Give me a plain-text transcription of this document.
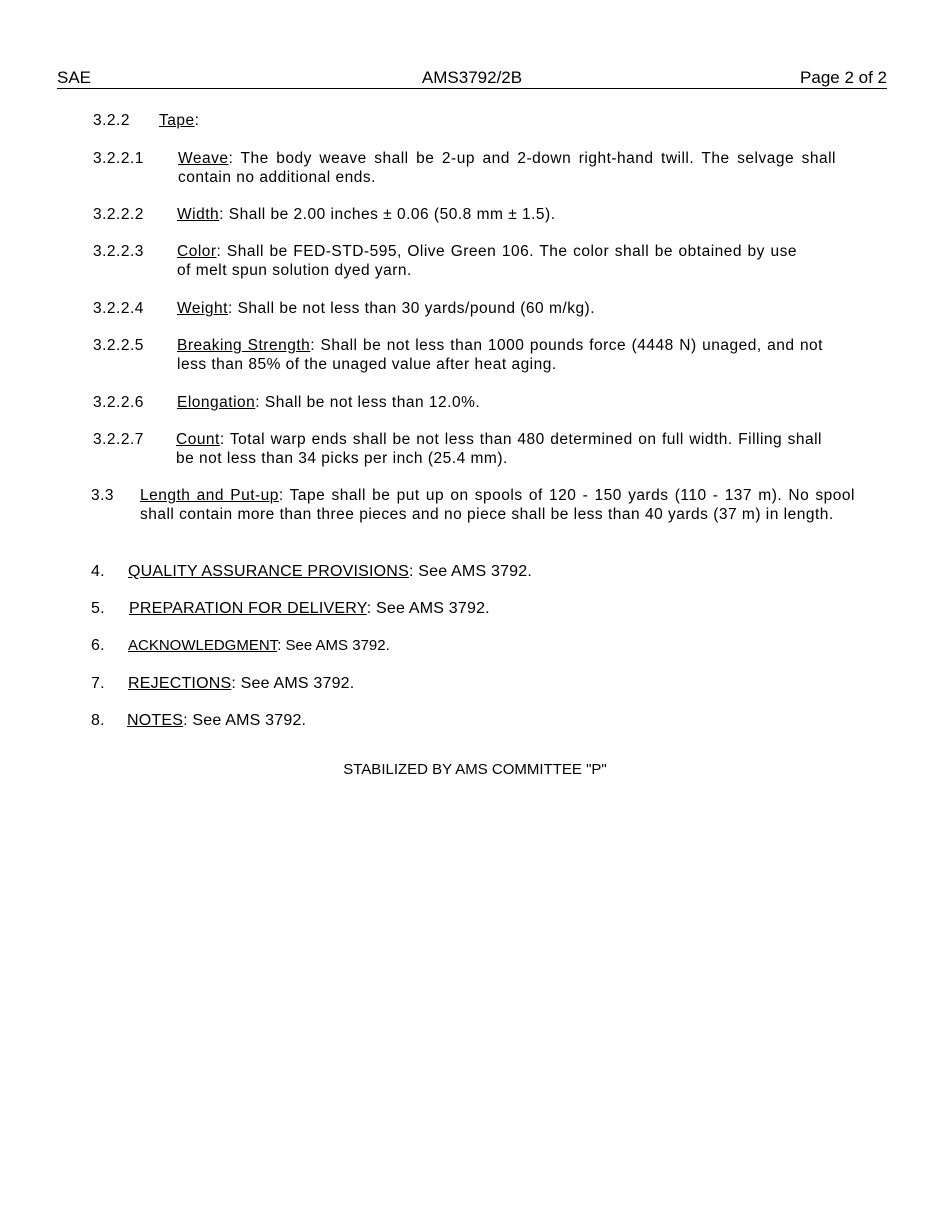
SAE	AMS3792/2B	Page 2 of 2
3.2.2 Tape:
3.2.2.1 Weave: The body weave shall be 2-up and 2-down right-hand twill. The selvage shall contain no additional ends.
3.2.2.2 Width: Shall be 2.00 inches ± 0.06 (50.8 mm ± 1.5).
3.2.2.3 Color: Shall be FED-STD-595, Olive Green 106. The color shall be obtained by use of melt spun solution dyed yarn.
3.2.2.4 Weight: Shall be not less than 30 yards/pound (60 m/kg).
3.2.2.5 Breaking Strength: Shall be not less than 1000 pounds force (4448 N) unaged, and not less than 85% of the unaged value after heat aging.
3.2.2.6 Elongation: Shall be not less than 12.0%.
3.2.2.7 Count: Total warp ends shall be not less than 480 determined on full width. Filling shall be not less than 34 picks per inch (25.4 mm).
3.3 Length and Put-up: Tape shall be put up on spools of 120 - 150 yards (110 - 137 m). No spool shall contain more than three pieces and no piece shall be less than 40 yards (37 m) in length.
4. QUALITY ASSURANCE PROVISIONS: See AMS 3792.
5. PREPARATION FOR DELIVERY: See AMS 3792.
6. ACKNOWLEDGMENT: See AMS 3792.
7. REJECTIONS: See AMS 3792.
8. NOTES: See AMS 3792.
STABILIZED BY AMS COMMITTEE "P"
